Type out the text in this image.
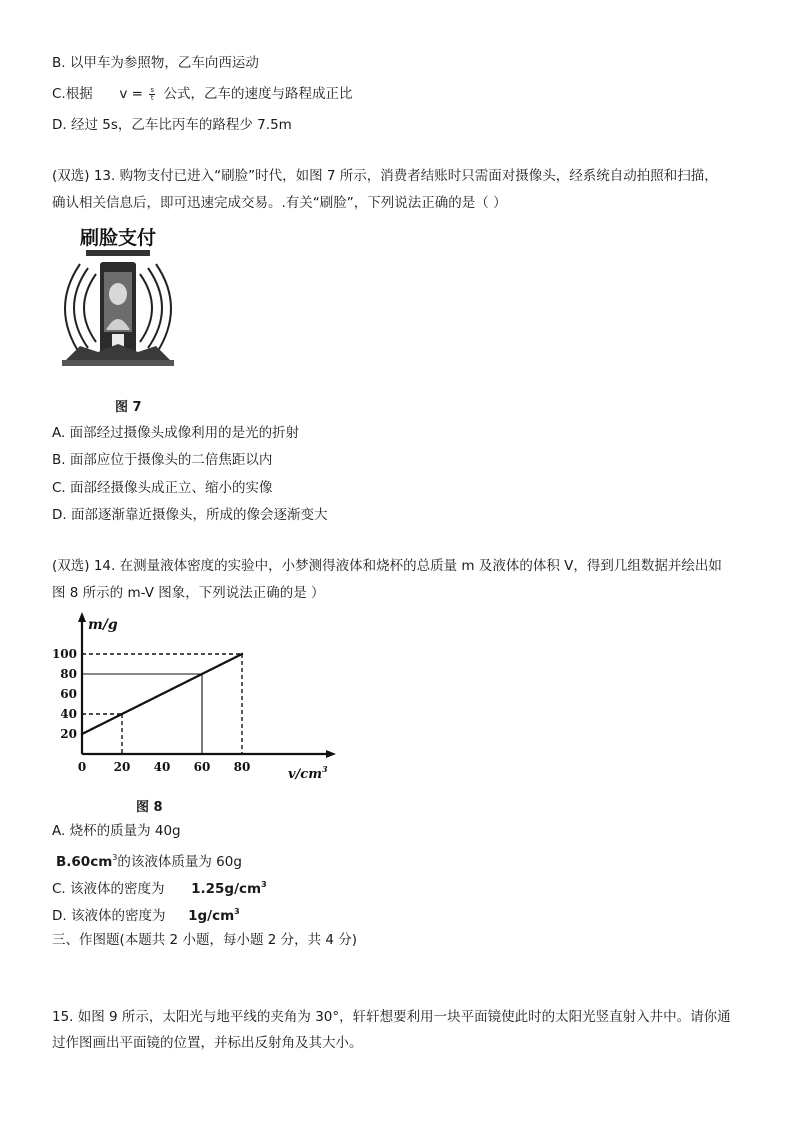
B. 以甲车为参照物，乙车向西运动
C.根据 $v = \frac{s}{t}$ 公式，乙车的速度与路程成正比
D. 经过 5s，乙车比丙车的路程少 7.5m
(双选) 13. 购物支付已进入“刷脸”时代，如图 7 所示，消费者结账时只需面对摄像头，经系统自动拍照和扫描，
确认相关信息后，即可迅速完成交易。.有关“刷脸”，下列说法正确的是（ ）
刷脸支付
图 7
A. 面部经过摄像头成像利用的是光的折射
B. 面部应位于摄像头的二倍焦距以内
C. 面部经摄像头成正立、缩小的实像
D. 面部逐渐靠近摄像头，所成的像会逐渐变大
(双选) 14. 在测量液体密度的实验中，小梦测得液体和烧杯的总质量 m 及液体的体积 V，得到几组数据并绘出如
图 8 所示的 m-V 图象，下列说法正确的是 ）
0 20 40 60 80
20
40
60
80
100
m/g
$v/cm^3$
图 8
A. 烧杯的质量为 40g
$B.60cm^3$的该液体质量为 60g
C. 该液体的密度为 $1.25g/cm^3$
D. 该液体的密度为 $1g/cm^3$
三、作图题(本题共 2 小题，每小题 2 分，共 4 分)
15. 如图 9 所示，太阳光与地平线的夹角为 30°，轩轩想要利用一块平面镜使此时的太阳光竖直射入井中。请你通
过作图画出平面镜的位置，并标出反射角及其大小。
